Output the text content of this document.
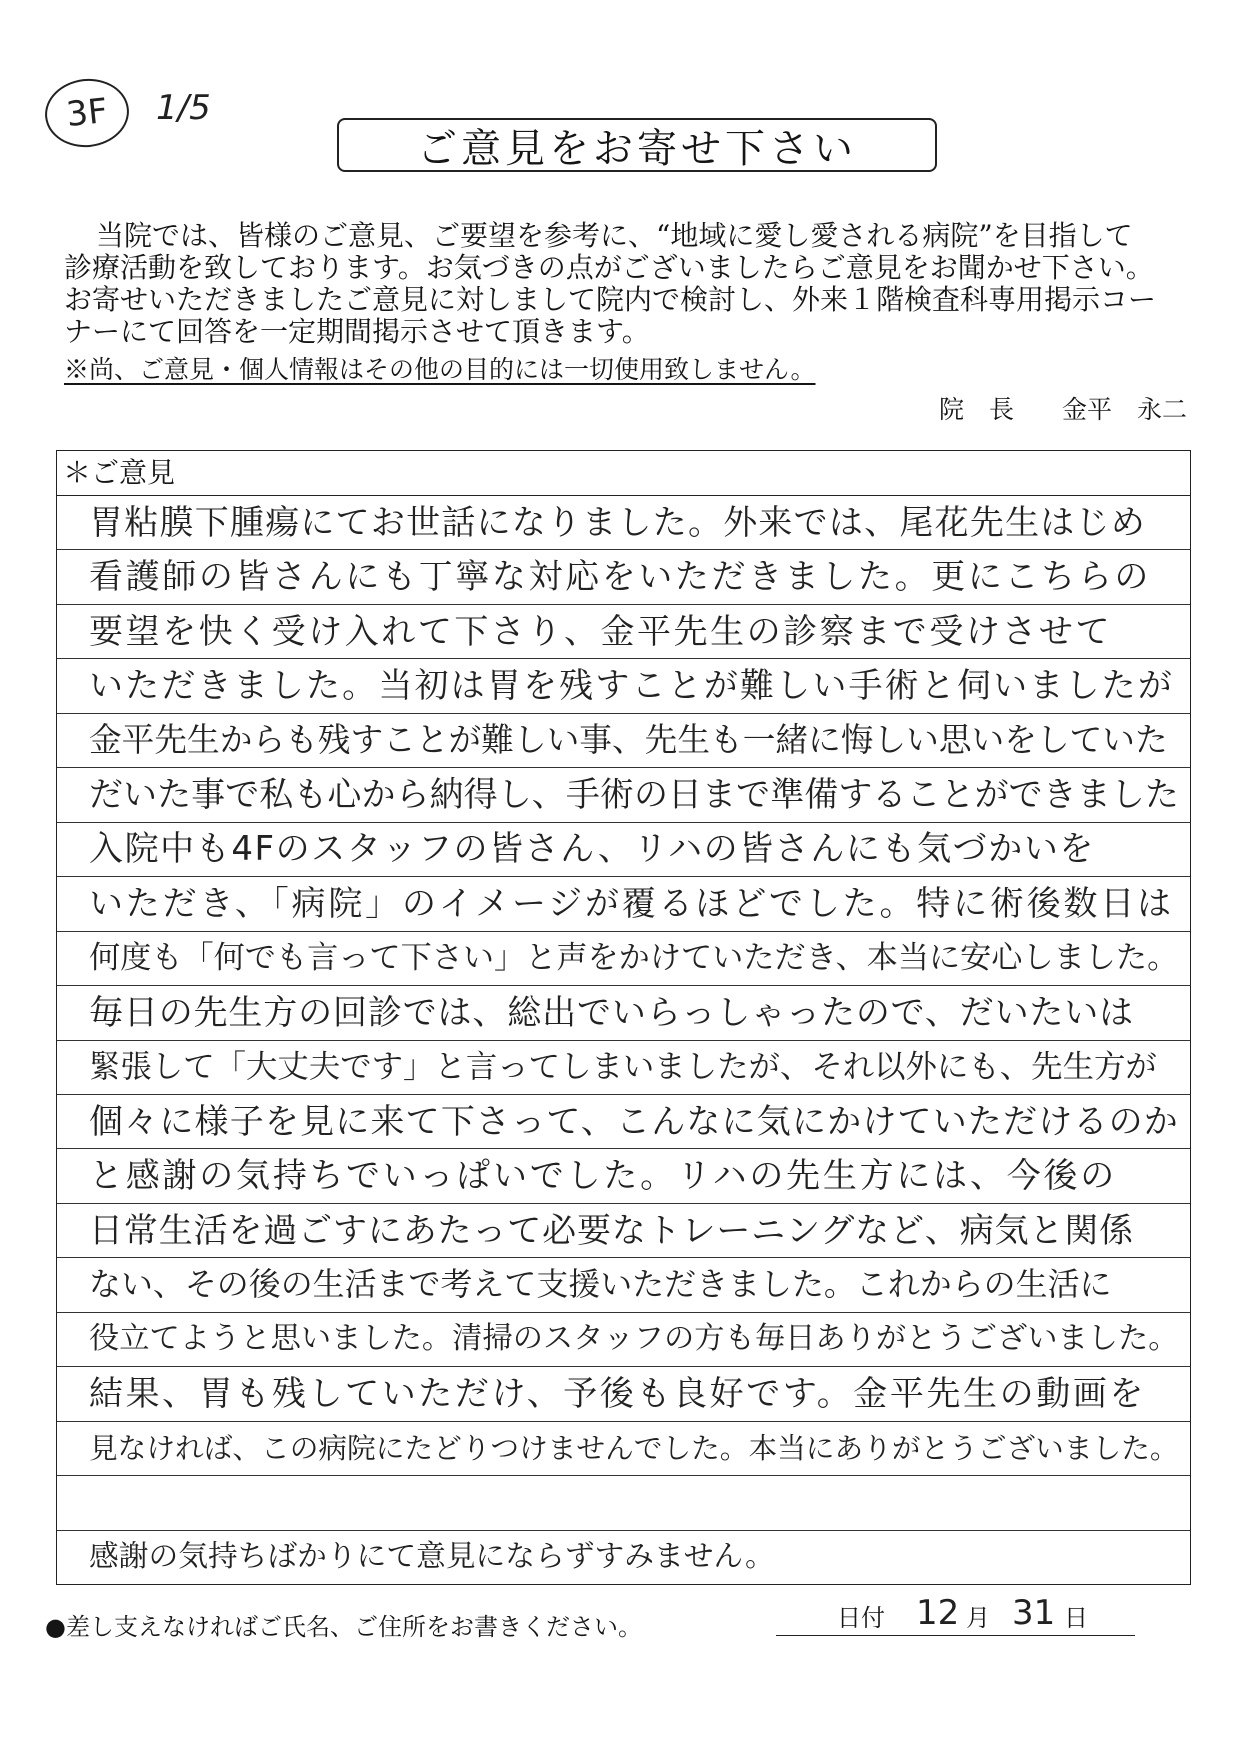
3F 1/5
ご意見をお寄せ下さい
当院では、皆様のご意見、ご要望を参考に、“地域に愛し愛される病院”を目指して
診療活動を致しております。お気づきの点がございましたらご意見をお聞かせ下さい。
お寄せいただきましたご意見に対しまして院内で検討し、外来１階検査科専用掲示コー
ナーにて回答を一定期間掲示させて頂きます。
※尚、ご意見・個人情報はその他の目的には一切使用致しません。
院　長 金平　永二
＊ご意見
胃粘膜下腫瘍にてお世話になりました。外来では、尾花先生はじめ
看護師の皆さんにも丁寧な対応をいただきました。更にこちらの
要望を快く受け入れて下さり、金平先生の診察まで受けさせて
いただきました。当初は胃を残すことが難しい手術と伺いましたが
金平先生からも残すことが難しい事、先生も一緒に悔しい思いをしていた
だいた事で私も心から納得し、手術の日まで準備することができました
入院中も4Fのスタッフの皆さん、リハの皆さんにも気づかいを
いただき、「病院」のイメージが覆るほどでした。特に術後数日は
何度も「何でも言って下さい」と声をかけていただき、本当に安心しました。
毎日の先生方の回診では、総出でいらっしゃったので、だいたいは
緊張して「大丈夫です」と言ってしまいましたが、それ以外にも、先生方が
個々に様子を見に来て下さって、こんなに気にかけていただけるのか
と感謝の気持ちでいっぱいでした。リハの先生方には、今後の
日常生活を過ごすにあたって必要なトレーニングなど、病気と関係
ない、その後の生活まで考えて支援いただきました。これからの生活に
役立てようと思いました。清掃のスタッフの方も毎日ありがとうございました。
結果、胃も残していただけ、予後も良好です。金平先生の動画を
見なければ、この病院にたどりつけませんでした。本当にありがとうございました。
感謝の気持ちばかりにて意見にならずすみません。
●差し支えなければご氏名、ご住所をお書きください。	日付 12 月 31 日
